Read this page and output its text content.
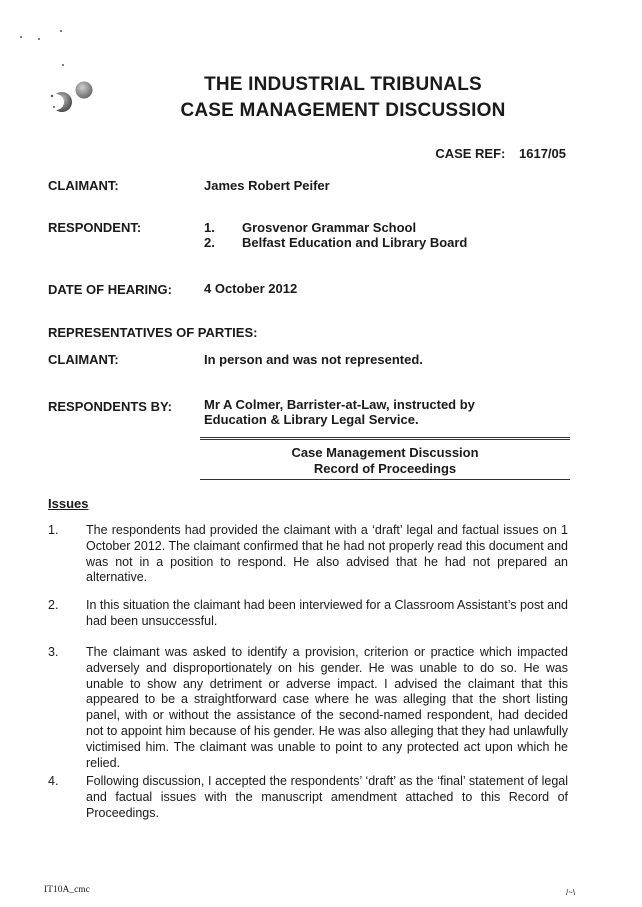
THE INDUSTRIAL TRIBUNALS
CASE MANAGEMENT DISCUSSION
CASE REF: 1617/05
CLAIMANT:	James Robert Peifer
RESPONDENT:	1. Grosvenor Grammar School
2. Belfast Education and Library Board
DATE OF HEARING: 4 October 2012
REPRESENTATIVES OF PARTIES:
CLAIMANT:	In person and was not represented.
RESPONDENTS BY: Mr A Colmer, Barrister-at-Law, instructed by
Education & Library Legal Service.
Case Management Discussion
Record of Proceedings
Issues
1. The respondents had provided the claimant with a ‘draft’ legal and factual issues on 1 October 2012. The claimant confirmed that he had not properly read this document and was not in a position to respond. He also advised that he had not prepared an alternative.
2. In this situation the claimant had been interviewed for a Classroom Assistant’s post and had been unsuccessful.
3. The claimant was asked to identify a provision, criterion or practice which impacted adversely and disproportionately on his gender. He was unable to do so. He was unable to show any detriment or adverse impact. I advised the claimant that this appeared to be a straightforward case where he was alleging that the short listing panel, with or without the assistance of the second-named respondent, had decided not to appoint him because of his gender. He was also alleging that they had unlawfully victimised him. The claimant was unable to point to any protected act upon which he relied.
4. Following discussion, I accepted the respondents’ ‘draft’ as the ‘final’ statement of legal and factual issues with the manuscript amendment attached to this Record of Proceedings.
IT10A_cmc	/~\
